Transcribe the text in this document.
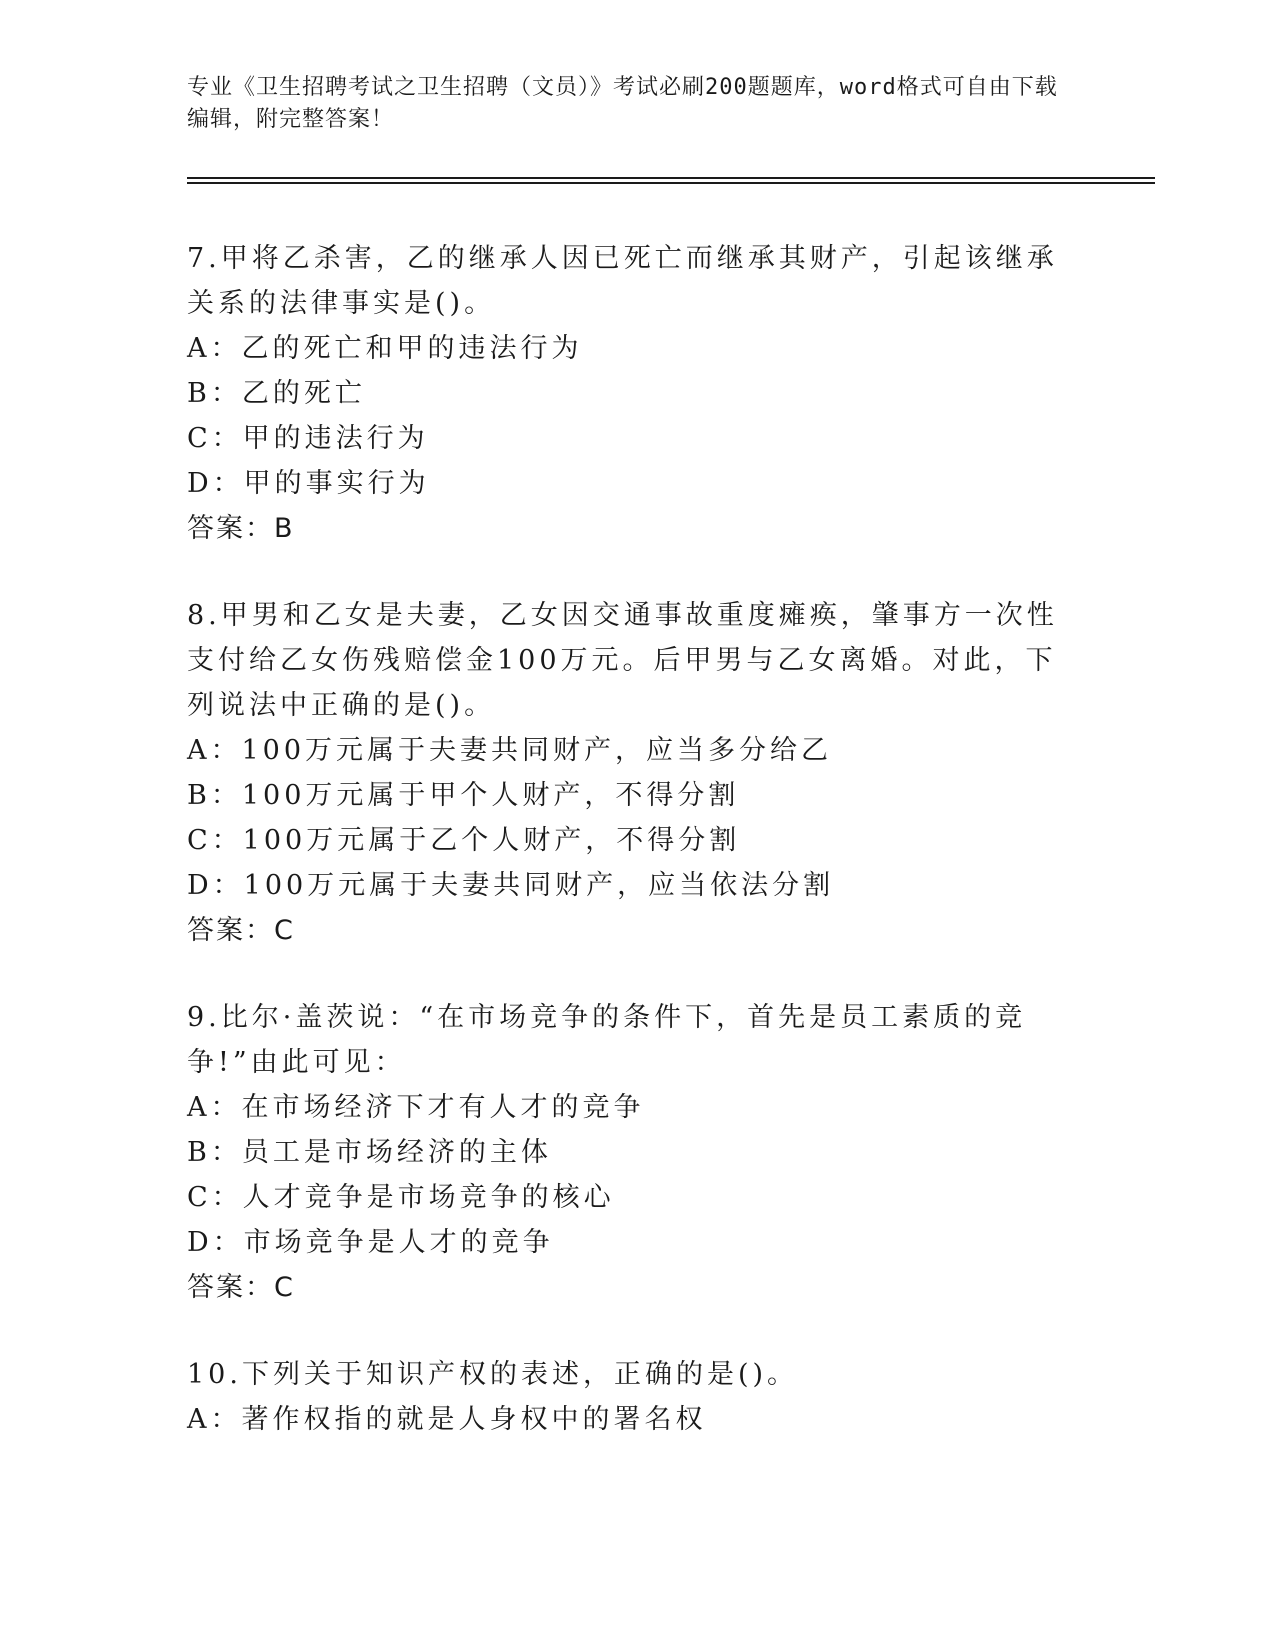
专业《卫生招聘考试之卫生招聘（文员）》考试必刷200题题库，word格式可自由下载编辑，附完整答案！
7.甲将乙杀害，乙的继承人因已死亡而继承其财产，引起该继承关系的法律事实是()。
A：乙的死亡和甲的违法行为
B：乙的死亡
C：甲的违法行为
D：甲的事实行为
答案：B
8.甲男和乙女是夫妻，乙女因交通事故重度瘫痪，肇事方一次性支付给乙女伤残赔偿金100万元。后甲男与乙女离婚。对此，下列说法中正确的是()。
A：100万元属于夫妻共同财产，应当多分给乙
B：100万元属于甲个人财产，不得分割
C：100万元属于乙个人财产，不得分割
D：100万元属于夫妻共同财产，应当依法分割
答案：C
9.比尔·盖茨说：“在市场竞争的条件下，首先是员工素质的竞争!”由此可见：
A：在市场经济下才有人才的竞争
B：员工是市场经济的主体
C：人才竞争是市场竞争的核心
D：市场竞争是人才的竞争
答案：C
10.下列关于知识产权的表述，正确的是()。
A：著作权指的就是人身权中的署名权
